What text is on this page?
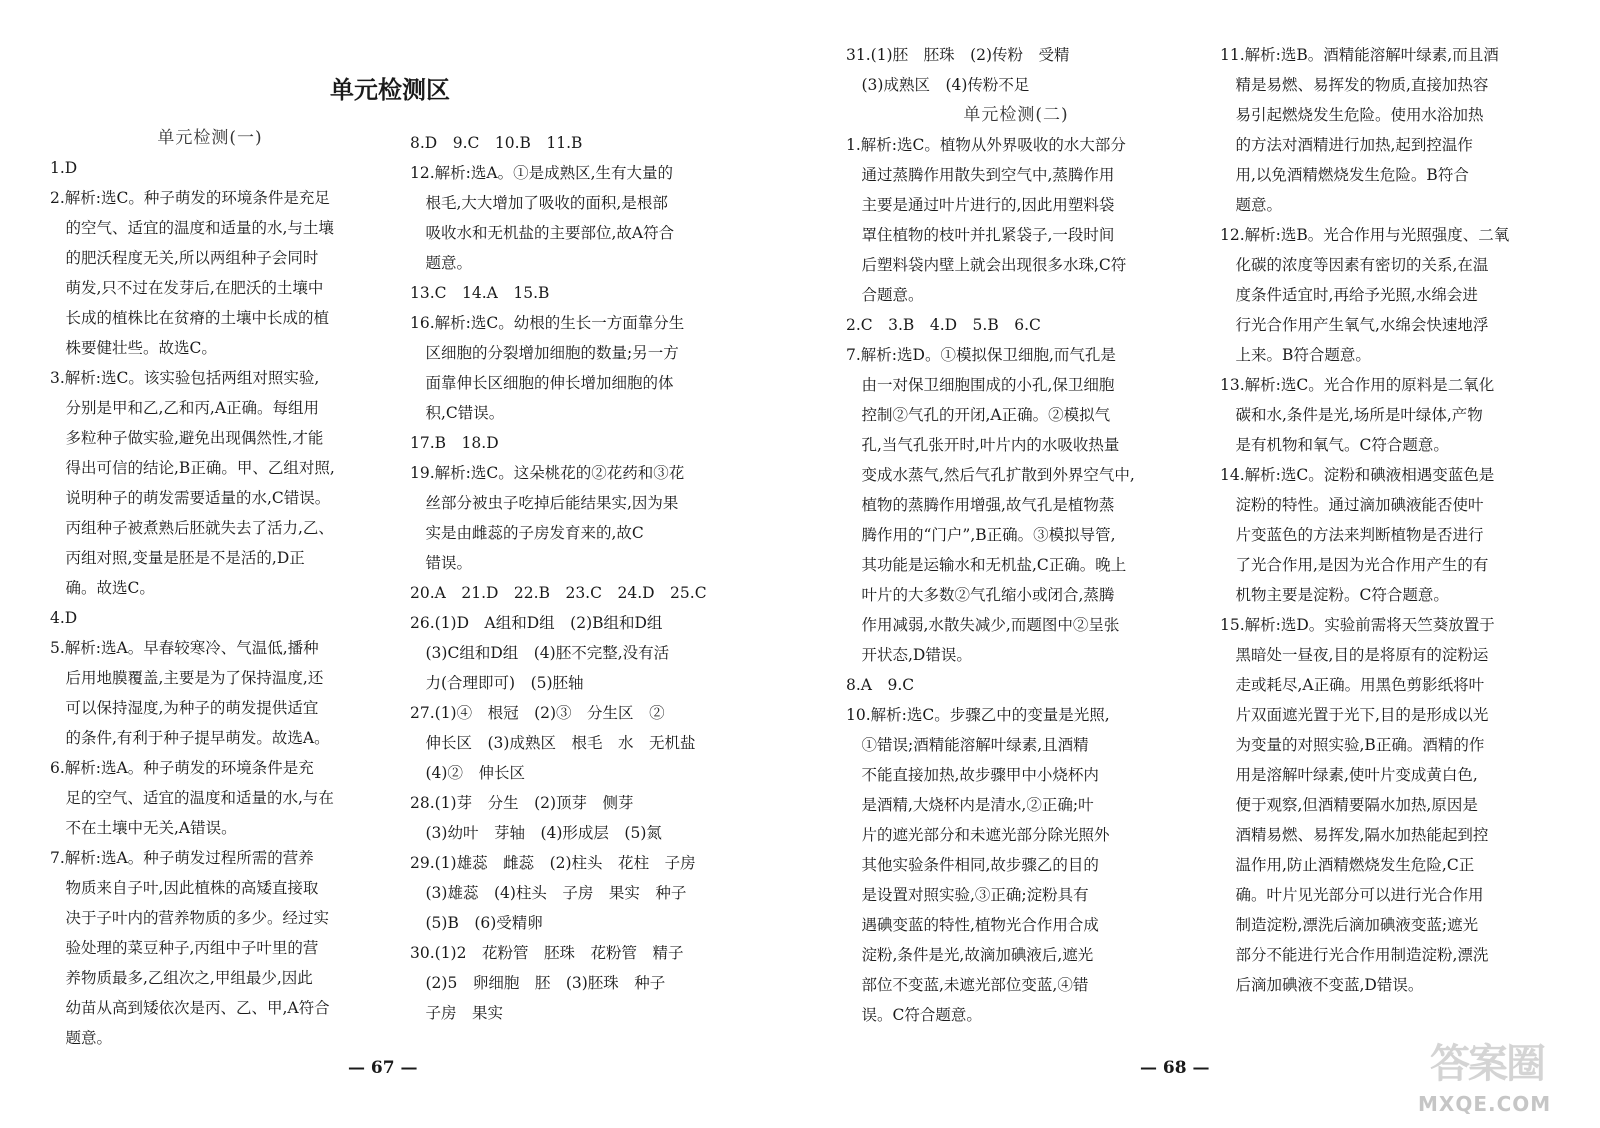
单元检测区

单元检测(一)

1.D

2.解析:选C。种子萌发的环境条件是充足

　的空气、适宜的温度和适量的水,与土壤

　的肥沃程度无关,所以两组种子会同时

　萌发,只不过在发芽后,在肥沃的土壤中

　长成的植株比在贫瘠的土壤中长成的植

　株要健壮些。故选C。

3.解析:选C。该实验包括两组对照实验,

　分别是甲和乙,乙和丙,A正确。每组用

　多粒种子做实验,避免出现偶然性,才能

　得出可信的结论,B正确。甲、乙组对照,

　说明种子的萌发需要适量的水,C错误。

　丙组种子被煮熟后胚就失去了活力,乙、

　丙组对照,变量是胚是不是活的,D正

　确。故选C。

4.D

5.解析:选A。早春较寒冷、气温低,播种

　后用地膜覆盖,主要是为了保持温度,还

　可以保持湿度,为种子的萌发提供适宜

　的条件,有利于种子提早萌发。故选A。

6.解析:选A。种子萌发的环境条件是充

　足的空气、适宜的温度和适量的水,与在

　不在土壤中无关,A错误。

7.解析:选A。种子萌发过程所需的营养

　物质来自子叶,因此植株的高矮直接取

　决于子叶内的营养物质的多少。经过实

　验处理的菜豆种子,丙组中子叶里的营

　养物质最多,乙组次之,甲组最少,因此

　幼苗从高到矮依次是丙、乙、甲,A符合

　题意。

8.D　9.C　10.B　11.B

12.解析:选A。①是成熟区,生有大量的

　根毛,大大增加了吸收的面积,是根部

　吸收水和无机盐的主要部位,故A符合

　题意。

13.C　14.A　15.B

16.解析:选C。幼根的生长一方面靠分生

　区细胞的分裂增加细胞的数量;另一方

　面靠伸长区细胞的伸长增加细胞的体

　积,C错误。

17.B　18.D

19.解析:选C。这朵桃花的②花药和③花

　丝部分被虫子吃掉后能结果实,因为果

　实是由雌蕊的子房发育来的,故C

　错误。

20.A　21.D　22.B　23.C　24.D　25.C

26.(1)D　A组和D组　(2)B组和D组

　(3)C组和D组　(4)胚不完整,没有活

　力(合理即可)　(5)胚轴

27.(1)④　根冠　(2)③　分生区　②

　伸长区　(3)成熟区　根毛　水　无机盐

　(4)②　伸长区

28.(1)芽　分生　(2)顶芽　侧芽

　(3)幼叶　芽轴　(4)形成层　(5)氮

29.(1)雄蕊　雌蕊　(2)柱头　花柱　子房

　(3)雄蕊　(4)柱头　子房　果实　种子

　(5)B　(6)受精卵

30.(1)2　花粉管　胚珠　花粉管　精子

　(2)5　卵细胞　胚　(3)胚珠　种子

　子房　果实

— 67 —

31.(1)胚　胚珠　(2)传粉　受精

　(3)成熟区　(4)传粉不足

单元检测(二)

1.解析:选C。植物从外界吸收的水大部分

　通过蒸腾作用散失到空气中,蒸腾作用

　主要是通过叶片进行的,因此用塑料袋

　罩住植物的枝叶并扎紧袋子,一段时间

　后塑料袋内壁上就会出现很多水珠,C符

　合题意。

2.C　3.B　4.D　5.B　6.C

7.解析:选D。①模拟保卫细胞,而气孔是

　由一对保卫细胞围成的小孔,保卫细胞

　控制②气孔的开闭,A正确。②模拟气

　孔,当气孔张开时,叶片内的水吸收热量

　变成水蒸气,然后气孔扩散到外界空气中,

　植物的蒸腾作用增强,故气孔是植物蒸

　腾作用的“门户”,B正确。③模拟导管,

　其功能是运输水和无机盐,C正确。晚上

　叶片的大多数②气孔缩小或闭合,蒸腾

　作用减弱,水散失减少,而题图中②呈张

　开状态,D错误。

8.A　9.C

10.解析:选C。步骤乙中的变量是光照,

　①错误;酒精能溶解叶绿素,且酒精

　不能直接加热,故步骤甲中小烧杯内

　是酒精,大烧杯内是清水,②正确;叶

　片的遮光部分和未遮光部分除光照外

　其他实验条件相同,故步骤乙的目的

　是设置对照实验,③正确;淀粉具有

　遇碘变蓝的特性,植物光合作用合成

　淀粉,条件是光,故滴加碘液后,遮光

　部位不变蓝,未遮光部位变蓝,④错

　误。C符合题意。

11.解析:选B。酒精能溶解叶绿素,而且酒

　精是易燃、易挥发的物质,直接加热容

　易引起燃烧发生危险。使用水浴加热

　的方法对酒精进行加热,起到控温作

　用,以免酒精燃烧发生危险。B符合

　题意。

12.解析:选B。光合作用与光照强度、二氧

　化碳的浓度等因素有密切的关系,在温

　度条件适宜时,再给予光照,水绵会进

　行光合作用产生氧气,水绵会快速地浮

　上来。B符合题意。

13.解析:选C。光合作用的原料是二氧化

　碳和水,条件是光,场所是叶绿体,产物

　是有机物和氧气。C符合题意。

14.解析:选C。淀粉和碘液相遇变蓝色是

　淀粉的特性。通过滴加碘液能否使叶

　片变蓝色的方法来判断植物是否进行

　了光合作用,是因为光合作用产生的有

　机物主要是淀粉。C符合题意。

15.解析:选D。实验前需将天竺葵放置于

　黑暗处一昼夜,目的是将原有的淀粉运

　走或耗尽,A正确。用黑色剪影纸将叶

　片双面遮光置于光下,目的是形成以光

　为变量的对照实验,B正确。酒精的作

　用是溶解叶绿素,使叶片变成黄白色,

　便于观察,但酒精要隔水加热,原因是

　酒精易燃、易挥发,隔水加热能起到控

　温作用,防止酒精燃烧发生危险,C正

　确。叶片见光部分可以进行光合作用

　制造淀粉,漂洗后滴加碘液变蓝;遮光

　部分不能进行光合作用制造淀粉,漂洗

　后滴加碘液不变蓝,D错误。

— 68 —	答案圈
MXQE.COM
